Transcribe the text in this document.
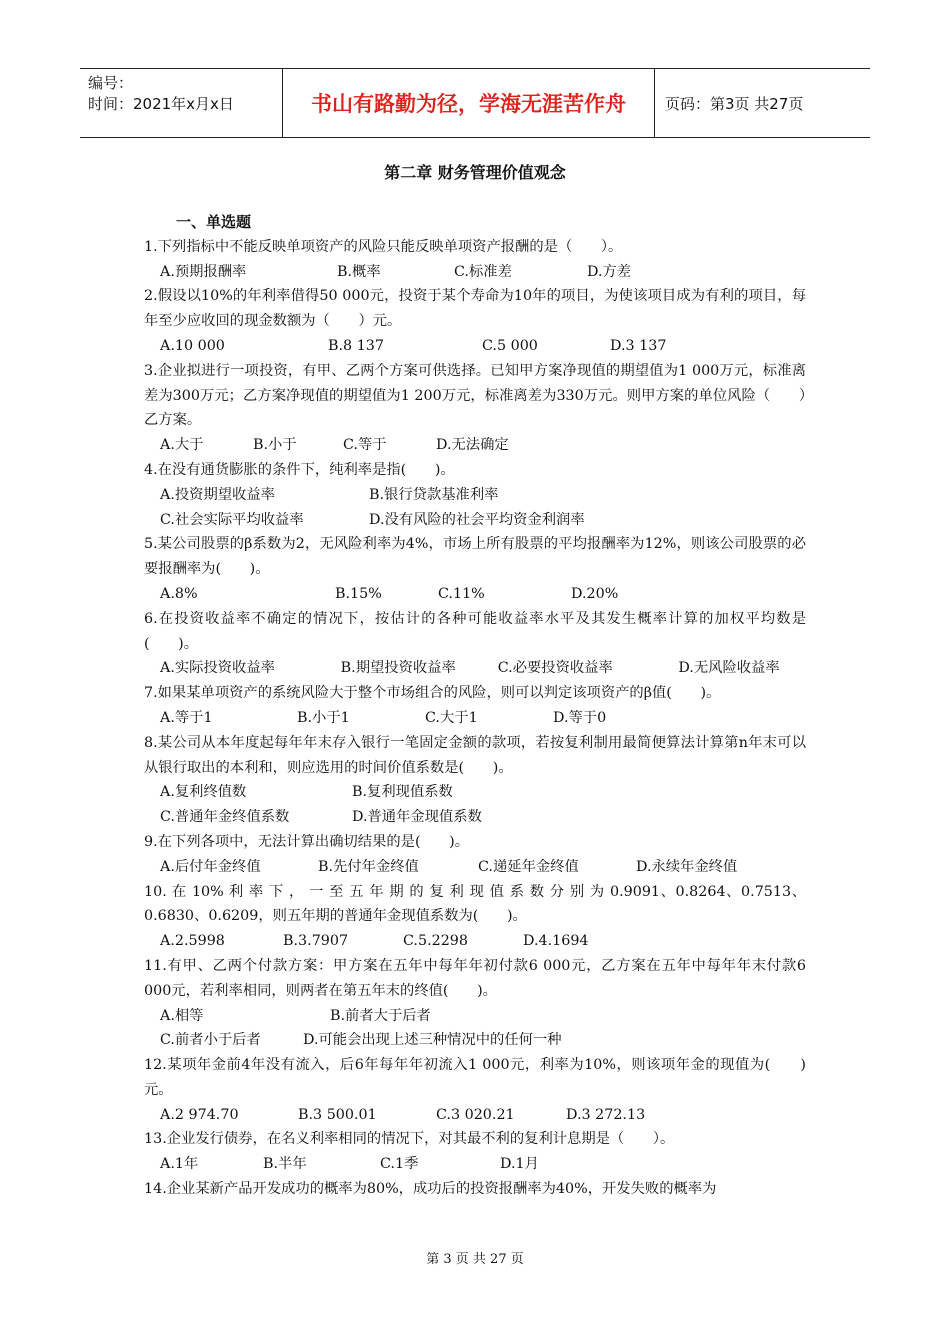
编号：
时间：2021年x月x日	书山有路勤为径，学海无涯苦作舟	页码：第3页 共27页
第二章 财务管理价值观念
一、单选题
1.下列指标中不能反映单项资产的风险只能反映单项资产报酬的是（　　）。
A.预期报酬率	B.概率	C.标准差	D.方差
2.假设以10%的年利率借得50 000元，投资于某个寿命为10年的项目，为使该项目成为有利的项目，每年至少应收回的现金数额为（　　）元。
A.10 000	B.8 137	C.5 000	D.3 137
3.企业拟进行一项投资，有甲、乙两个方案可供选择。已知甲方案净现值的期望值为1 000万元，标准离差为300万元；乙方案净现值的期望值为1 200万元，标准离差为330万元。则甲方案的单位风险（　　）乙方案。
A.大于	B.小于	C.等于	D.无法确定
4.在没有通货膨胀的条件下，纯利率是指(　　)。
A.投资期望收益率	B.银行贷款基准利率
C.社会实际平均收益率	D.没有风险的社会平均资金利润率
5.某公司股票的β系数为2，无风险利率为4%，市场上所有股票的平均报酬率为12%，则该公司股票的必要报酬率为(　　)。
A.8%	B.15%	C.11%	D.20%
6.在投资收益率不确定的情况下，按估计的各种可能收益率水平及其发生概率计算的加权平均数是(　　)。
A.实际投资收益率	B.期望投资收益率	C.必要投资收益率	D.无风险收益率
7.如果某单项资产的系统风险大于整个市场组合的风险，则可以判定该项资产的β值(　　)。
A.等于1	B.小于1	C.大于1	D.等于0
8.某公司从本年度起每年年末存入银行一笔固定金额的款项，若按复利制用最简便算法计算第n年末可以从银行取出的本利和，则应选用的时间价值系数是(　　)。
A.复利终值数	B.复利现值系数
C.普通年金终值系数	D.普通年金现值系数
9.在下列各项中，无法计算出确切结果的是(　　)。
A.后付年金终值	B.先付年金终值	C.递延年金终值	D.永续年金终值
10. 在 10% 利 率 下 ， 一 至 五 年 期 的 复 利 现 值 系 数 分 别 为 0.9091、0.8264、0.7513、0.6830、0.6209，则五年期的普通年金现值系数为(　　)。
A.2.5998	B.3.7907	C.5.2298	D.4.1694
11.有甲、乙两个付款方案：甲方案在五年中每年年初付款6 000元，乙方案在五年中每年年末付款6 000元，若利率相同，则两者在第五年末的终值(　　)。
A.相等	B.前者大于后者
C.前者小于后者	D.可能会出现上述三种情况中的任何一种
12.某项年金前4年没有流入，后6年每年年初流入1 000元，利率为10%，则该项年金的现值为(　　)元。
A.2 974.70	B.3 500.01	C.3 020.21	D.3 272.13
13.企业发行债券，在名义利率相同的情况下，对其最不利的复利计息期是（　　）。
A.1年	B.半年	C.1季	D.1月
14.企业某新产品开发成功的概率为80%，成功后的投资报酬率为40%，开发失败的概率为
第 3 页 共 27 页
